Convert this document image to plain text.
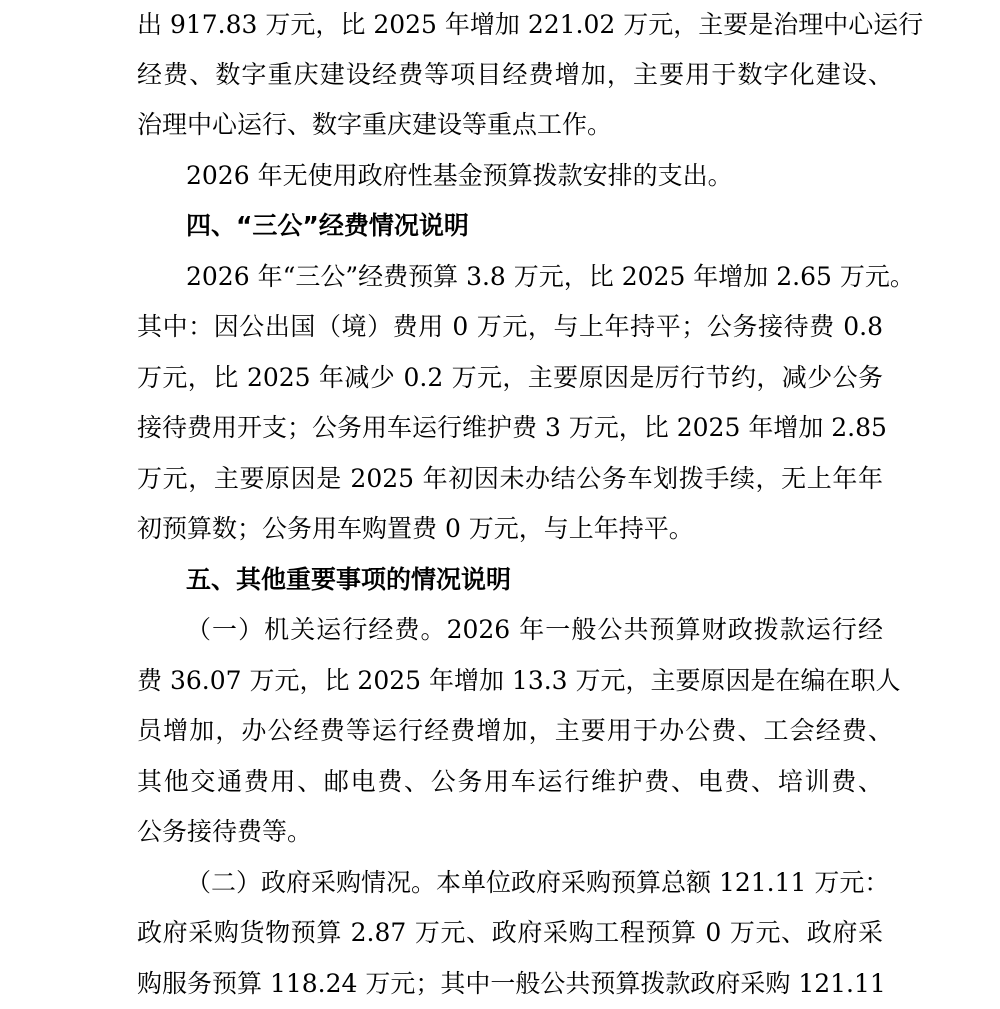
出 917.83 万元，比 2025 年增加 221.02 万元，主要是治理中心运行
经费、数字重庆建设经费等项目经费增加，主要用于数字化建设、
治理中心运行、数字重庆建设等重点工作。
2026 年无使用政府性基金预算拨款安排的支出。
四、“三公”经费情况说明
2026 年“三公”经费预算 3.8 万元，比 2025 年增加 2.65 万元。
其中：因公出国（境）费用 0 万元，与上年持平；公务接待费 0.8
万元，比 2025 年减少 0.2 万元，主要原因是厉行节约，减少公务
接待费用开支；公务用车运行维护费 3 万元，比 2025 年增加 2.85
万元，主要原因是 2025 年初因未办结公务车划拨手续，无上年年
初预算数；公务用车购置费 0 万元，与上年持平。
五、其他重要事项的情况说明
（一）机关运行经费。2026 年一般公共预算财政拨款运行经
费 36.07 万元，比 2025 年增加 13.3 万元，主要原因是在编在职人
员增加，办公经费等运行经费增加，主要用于办公费、工会经费、
其他交通费用、邮电费、公务用车运行维护费、电费、培训费、
公务接待费等。
（二）政府采购情况。本单位政府采购预算总额 121.11 万元：
政府采购货物预算 2.87 万元、政府采购工程预算 0 万元、政府采
购服务预算 118.24 万元；其中一般公共预算拨款政府采购 121.11
